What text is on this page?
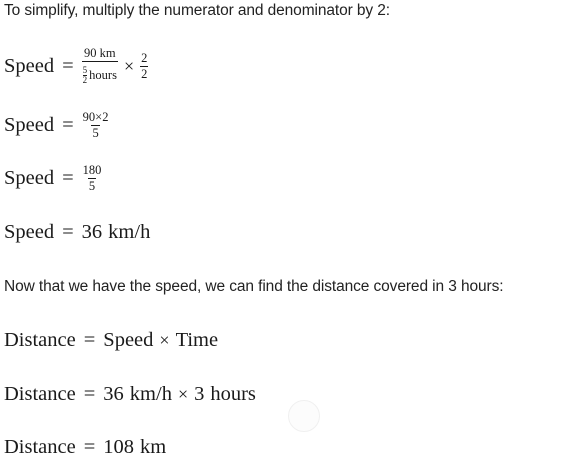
To simplify, multiply the numerator and denominator by 2:
Speed = $\frac{90 km}{\frac{5}{2} hours} \times \frac{2}{2}$
Speed = $\frac{90\times 2}{5}$
Speed = $\frac{180}{5}$
Speed = 36 km/h
Now that we have the speed, we can find the distance covered in 3 hours:
Distance = Speed × Time
Distance = 36 km/h × 3 hours
Distance = 108 km
